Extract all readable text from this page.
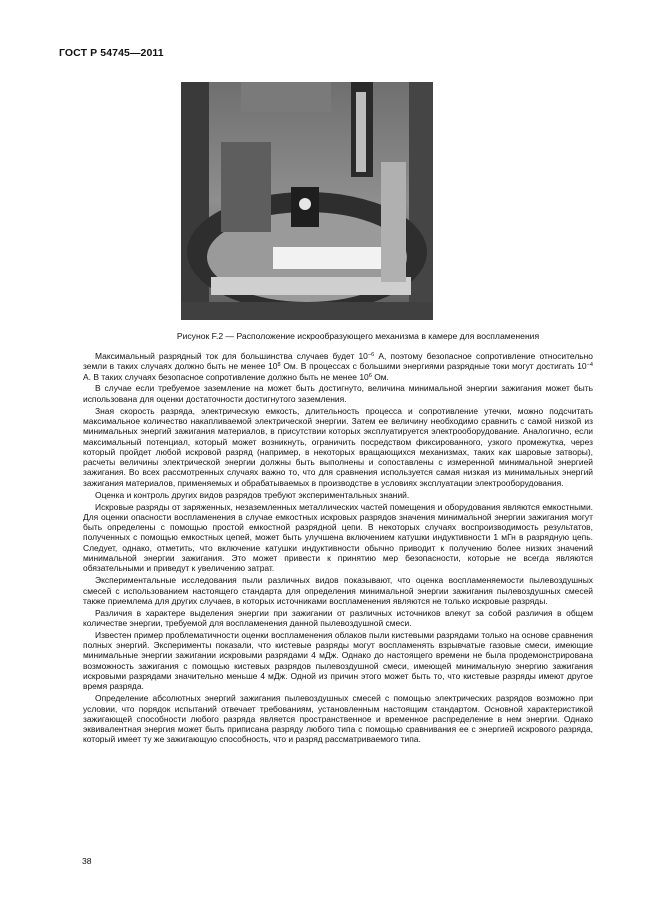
ГОСТ Р 54745—2011
Рисунок F.2 — Расположение искрообразующего механизма в камере для воспламенения

Максимальный разрядный ток для большинства случаев будет $10^{-6}$ А, поэтому безопасное сопротивление относительно земли в таких случаях должно быть не менее $10^8$ Ом. В процессах с большими энергиями разрядные токи могут достигать $10^{-4}$ А. В таких случаях безопасное сопротивление должно быть не менее $10^6$ Ом.

В случае если требуемое заземление на может быть достигнуто, величина минимальной энергии зажигания может быть использована для оценки достаточности достигнутого заземления.

Зная скорость разряда, электрическую емкость, длительность процесса и сопротивление утечки, можно подсчитать максимальное количество накапливаемой электрической энергии. Затем ее величину необходимо сравнить с самой низкой из минимальных энергий зажигания материалов, в присутствии которых эксплуатируется электрооборудование. Аналогично, если максимальный потенциал, который может возникнуть, ограничить посредством фиксированного, узкого промежутка, через который пройдет любой искровой разряд (например, в некоторых вращающихся механизмах, таких как шаровые затворы), расчеты величины электрической энергии должны быть выполнены и сопоставлены с измеренной минимальной энергией зажигания. Во всех рассмотренных случаях важно то, что для сравнения используется самая низкая из минимальных энергий зажигания материалов, применяемых и обрабатываемых в производстве в условиях эксплуатации электрооборудования.

Оценка и контроль других видов разрядов требуют экспериментальных знаний.

Искровые разряды от заряженных, незаземленных металлических частей помещения и оборудования являются емкостными. Для оценки опасности воспламенения в случае емкостных искровых разрядов значения минимальной энергии зажигания могут быть определены с помощью простой емкостной разрядной цепи. В некоторых случаях воспроизводимость результатов, полученных с помощью емкостных цепей, может быть улучшена включением катушки индуктивности 1 мГн в разрядную цепь. Следует, однако, отметить, что включение катушки индуктивности обычно приводит к получению более низких значений минимальной энергии зажигания. Это может привести к принятию мер безопасности, которые не всегда являются обязательными и приведут к увеличению затрат.

Экспериментальные исследования пыли различных видов показывают, что оценка воспламеняемости пылевоздушных смесей с использованием настоящего стандарта для определения минимальной энергии зажигания пылевоздушных смесей также приемлема для других случаев, в которых источниками воспламенения являются не только искровые разряды.

Различия в характере выделения энергии при зажигании от различных источников влекут за собой различия в общем количестве энергии, требуемой для воспламенения данной пылевоздушной смеси.

Известен пример проблематичности оценки воспламенения облаков пыли кистевыми разрядами только на основе сравнения полных энергий. Эксперименты показали, что кистевые разряды могут воспламенять взрывчатые газовые смеси, имеющие минимальные энергии зажигании искровыми разрядами 4 мДж. Однако до настоящего времени не была продемонстрирована возможность зажигания с помощью кистевых разрядов пылевоздушной смеси, имеющей минимальную энергию зажигания искровыми разрядами значительно меньше 4 мДж. Одной из причин этого может быть то, что кистевые разряды имеют другое время разряда.

Определение абсолютных энергий зажигания пылевоздушных смесей с помощью электрических разрядов возможно при условии, что порядок испытаний отвечает требованиям, установленным настоящим стандартом. Основной характеристикой зажигающей способности любого разряда является пространственное и временное распределение в нем энергии. Однако эквивалентная энергия может быть приписана разряду любого типа с помощью сравнивания ее с энергией искрового разряда, который имеет ту же зажигающую способность, что и разряд рассматриваемого типа.

38
